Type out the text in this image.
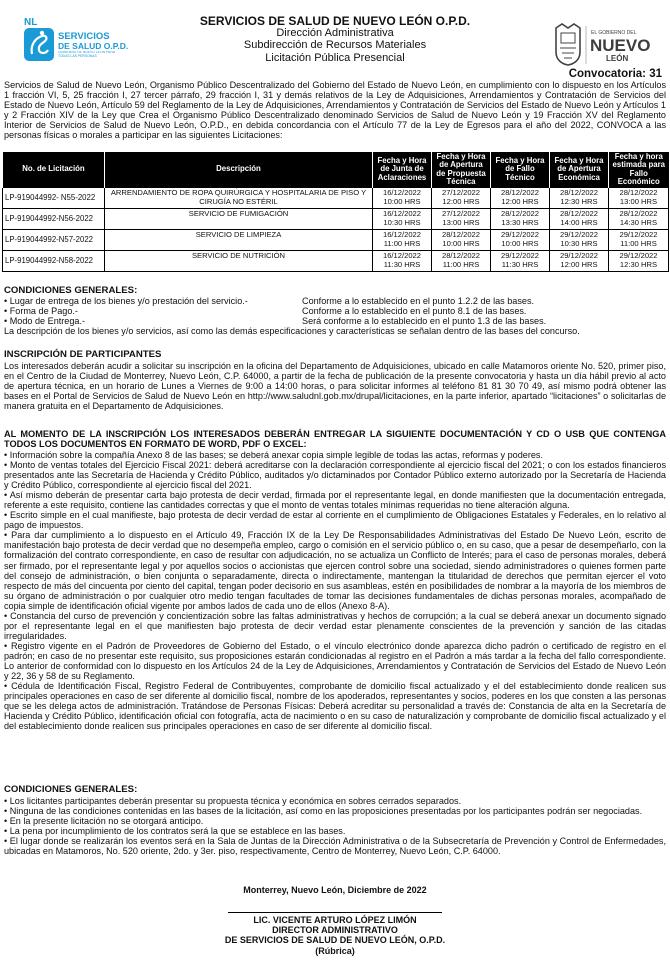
NL
SERVICIOS
DE SALUD O.P.D.
GOBIERNO DE NUEVO LEÓN PARA TODAS LAS PERSONAS
EL GOBIERNO DEL
NUEVO
LEÓN
SERVICIOS DE SALUD DE NUEVO LEÓN O.P.D.
Dirección Administrativa
Subdirección de Recursos Materiales
Licitación Pública Presencial
Convocatoria: 31
Servicios de Salud de Nuevo León, Organismo Público Descentralizado del Gobierno del Estado de Nuevo León, en cumplimiento con lo dispuesto en los Artículos 1 fracción VI, 5, 25 fracción I, 27 tercer párrafo, 29 fracción I, 31 y demás relativos de la Ley de Adquisiciones, Arrendamientos y Contratación de Servicios del Estado de Nuevo León, Artículo 59 del Reglamento de la Ley de Adquisiciones, Arrendamientos y Contratación de Servicios del Estado de Nuevo León y Artículos 1 y 2 Fracción XIV de la Ley que Crea el Organismo Público Descentralizado denominado Servicios de Salud de Nuevo León y 19 Fracción XV del Reglamento Interior de Servicios de Salud de Nuevo León, O.P.D., en debida concordancia con el Artículo 77 de la Ley de Egresos para el año del 2022, CONVOCA a las personas físicas o morales a participar en las siguientes Licitaciones:
No. de Licitación	Descripción	Fecha y Hora de Junta de Aclaraciones	Fecha y Hora de Apertura de Propuesta Técnica	Fecha y Hora de Fallo Técnico	Fecha y Hora de Apertura Económica	Fecha y hora estimada para Fallo Económico
LP-919044992- N55-2022	ARRENDAMIENTO DE ROPA QUIRÚRGICA Y HOSPITALARIA DE PISO Y CIRUGÍA NO ESTÉRIL	16/12/2022
10:00 HRS	27/12/2022
12:00 HRS	28/12/2022
12:00 HRS	28/12/2022
12:30 HRS	28/12/2022
13:00 HRS
LP-919044992-N56-2022	SERVICIO DE FUMIGACIÓN	16/12/2022
10:30 HRS	27/12/2022
13:00 HRS	28/12/2022
13:30 HRS	28/12/2022
14:00 HRS	28/12/2022
14:30 HRS
LP-919044992-N57-2022	SERVICIO DE LIMPIEZA	16/12/2022
11:00 HRS	28/12/2022
10:00 HRS	29/12/2022
10:00 HRS	29/12/2022
10:30 HRS	29/12/2022
11:00 HRS
LP-919044992-N58-2022	SERVICIO DE NUTRICIÓN	16/12/2022
11:30 HRS	28/12/2022
11:00 HRS	29/12/2022
11:30 HRS	29/12/2022
12:00 HRS	29/12/2022
12:30 HRS
CONDICIONES GENERALES:
• Lugar de entrega de los bienes y/o prestación del servicio.-	Conforme a lo establecido en el punto 1.2.2 de las bases.
• Forma de Pago.-	Conforme a lo establecido en el punto 8.1 de las bases.
• Modo de Entrega.-	Será conforme a lo establecido en el punto 1.3 de las bases.
La descripción de los bienes y/o servicios, así como las demás especificaciones y características se señalan dentro de las bases del concurso.
INSCRIPCIÓN DE PARTICIPANTES
Los interesados deberán acudir a solicitar su inscripción en la oficina del Departamento de Adquisiciones, ubicado en calle Matamoros oriente No. 520, primer piso, en el Centro de la Ciudad de Monterrey, Nuevo León, C.P. 64000, a partir de la fecha de publicación de la presente convocatoria y hasta un día hábil previo al acto de apertura técnica, en un horario de Lunes a Viernes de 9:00 a 14:00 horas, o para solicitar informes al teléfono 81 81 30 70 49, así mismo podrá obtener las bases en el Portal de Servicios de Salud de Nuevo León en http://www.saludnl.gob.mx/drupal/licitaciones, en la parte inferior, apartado “licitaciones” o solicitarlas de manera gratuita en el Departamento de Adquisiciones.
AL MOMENTO DE LA INSCRIPCIÓN LOS INTERESADOS DEBERÁN ENTREGAR LA SIGUIENTE DOCUMENTACIÓN Y CD O USB QUE CONTENGA TODOS LOS DOCUMENTOS EN FORMATO DE WORD, PDF O EXCEL:
• Información sobre la compañía Anexo 8 de las bases; se deberá anexar copia simple legible de todas las actas, reformas y poderes.
• Monto de ventas totales del Ejercicio Fiscal 2021: deberá acreditarse con la declaración correspondiente al ejercicio fiscal del 2021; o con los estados financieros presentados ante las Secretaría de Hacienda y Crédito Público, auditados y/o dictaminados por Contador Público externo autorizado por la Secretaría de Hacienda y Crédito Público, correspondiente al ejercicio fiscal del 2021.
• Así mismo deberán de presentar carta bajo protesta de decir verdad, firmada por el representante legal, en donde manifiesten que la documentación entregada, referente a este requisito, contiene las cantidades correctas y que el monto de ventas totales mínimas requeridas no tiene alteración alguna.
• Escrito simple en el cual manifieste, bajo protesta de decir verdad de estar al corriente en el cumplimiento de Obligaciones Estatales y Federales, en lo relativo al pago de impuestos.
• Para dar cumplimiento a lo dispuesto en el Artículo 49, Fracción IX de la Ley De Responsabilidades Administrativas del Estado De Nuevo León, escrito de manifestación bajo protesta de decir verdad que no desempeña empleo, cargo o comisión en el servicio público o, en su caso, que a pesar de desempeñarlo, con la formalización del contrato correspondiente, en caso de resultar con adjudicación, no se actualiza un Conflicto de Interés; para el caso de personas morales, deberá ser firmado, por el representante legal y por aquellos socios o accionistas que ejercen control sobre una sociedad, siendo administradores o quienes formen parte del consejo de administración, o bien conjunta o separadamente, directa o indirectamente, mantengan la titularidad de derechos que permitan ejercer el voto respecto de más del cincuenta por ciento del capital, tengan poder decisorio en sus asambleas, estén en posibilidades de nombrar a la mayoría de los miembros de su órgano de administración o por cualquier otro medio tengan facultades de tomar las decisiones fundamentales de dichas personas morales, acompañado de copia simple de identificación oficial vigente por ambos lados de cada uno de ellos (Anexo 8-A).
• Constancia del curso de prevención y concientización sobre las faltas administrativas y hechos de corrupción; a la cual se deberá anexar un documento signado por el representante legal en el que manifiesten bajo protesta de decir verdad estar plenamente conscientes de la prevención y sanción de las citadas irregularidades.
• Registro vigente en el Padrón de Proveedores de Gobierno del Estado, o el vínculo electrónico donde aparezca dicho padrón o certificado de registro en el padrón; en caso de no presentar este requisito, sus proposiciones estarán condicionadas al registro en el Padrón a más tardar a la fecha del fallo correspondiente. Lo anterior de conformidad con lo dispuesto en los Artículos 24 de la Ley de Adquisiciones, Arrendamientos y Contratación de Servicios del Estado de Nuevo León y 22, 36 y 58 de su Reglamento.
• Cédula de Identificación Fiscal, Registro Federal de Contribuyentes, comprobante de domicilio fiscal actualizado y el del establecimiento donde realicen sus principales operaciones en caso de ser diferente al domicilio fiscal, nombre de los apoderados, representantes y socios, poderes en los que consten a las personas que se les delega actos de administración. Tratándose de Personas Físicas: Deberá acreditar su personalidad a través de: Constancia de alta en la Secretaría de Hacienda y Crédito Público, identificación oficial con fotografía, acta de nacimiento o en su caso de naturalización y comprobante de domicilio fiscal actualizado y el del establecimiento donde realicen sus principales operaciones en caso de ser diferente al domicilio fiscal.
CONDICIONES GENERALES:
• Los licitantes participantes deberán presentar su propuesta técnica y económica en sobres cerrados separados.
• Ninguna de las condiciones contenidas en las bases de la licitación, así como en las proposiciones presentadas por los participantes podrán ser negociadas.
• En la presente licitación no se otorgará anticipo.
• La pena por incumplimiento de los contratos será la que se establece en las bases.
• El lugar donde se realizarán los eventos será en la Sala de Juntas de la Dirección Administrativa o de la Subsecretaría de Prevención y Control de Enfermedades, ubicadas en Matamoros, No. 520 oriente, 2do. y 3er. piso, respectivamente, Centro de Monterrey, Nuevo León, C.P. 64000.
Monterrey, Nuevo León, Diciembre de 2022
LIC. VICENTE ARTURO LÓPEZ LIMÓN
DIRECTOR ADMINISTRATIVO
DE SERVICIOS DE SALUD DE NUEVO LEÓN, O.P.D.
(Rúbrica)
